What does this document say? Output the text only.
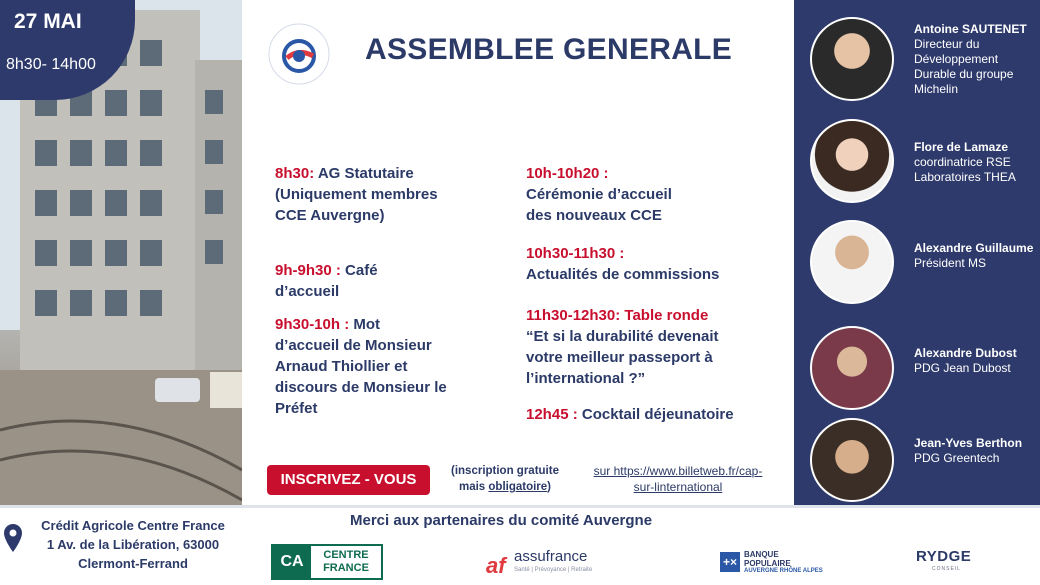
27 MAI
8h30- 14h00	ASSEMBLEE GENERALE
8h30: AG Statutaire
(Uniquement membres
CCE Auvergne)
9h-9h30 : Café
d’accueil
9h30-10h : Mot
d’accueil de Monsieur
Arnaud Thiollier et
discours de Monsieur le
Préfet
10h-10h20 :
Cérémonie d’accueil
des nouveaux CCE
10h30-11h30 :
Actualités de commissions
11h30-12h30: Table ronde
“Et si la durabilité devenait
votre meilleur passeport à
l’international ?”
12h45 : Cocktail déjeunatoire
INSCRIVEZ - VOUS	(inscription gratuite
mais obligatoire)
sur https://www.billetweb.fr/cap-
sur-linternational
Antoine SAUTENET
Directeur du Développement Durable du groupe Michelin
Flore de Lamaze
coordinatrice RSE Laboratoires THEA
Alexandre Guillaume
Président MS
Alexandre Dubost
PDG Jean Dubost
Jean-Yves Berthon
PDG Greentech
Crédit Agricole Centre France
1 Av. de la Libération, 63000
Clermont-Ferrand
Merci aux partenaires du comité Auvergne
CA	CENTRE
FRANCE	af assufrance
Santé | Prévoyance | Retraite
+×
BANQUE
POPULAIRE
AUVERGNE RHÔNE ALPES
RYDGE
CONSEIL
